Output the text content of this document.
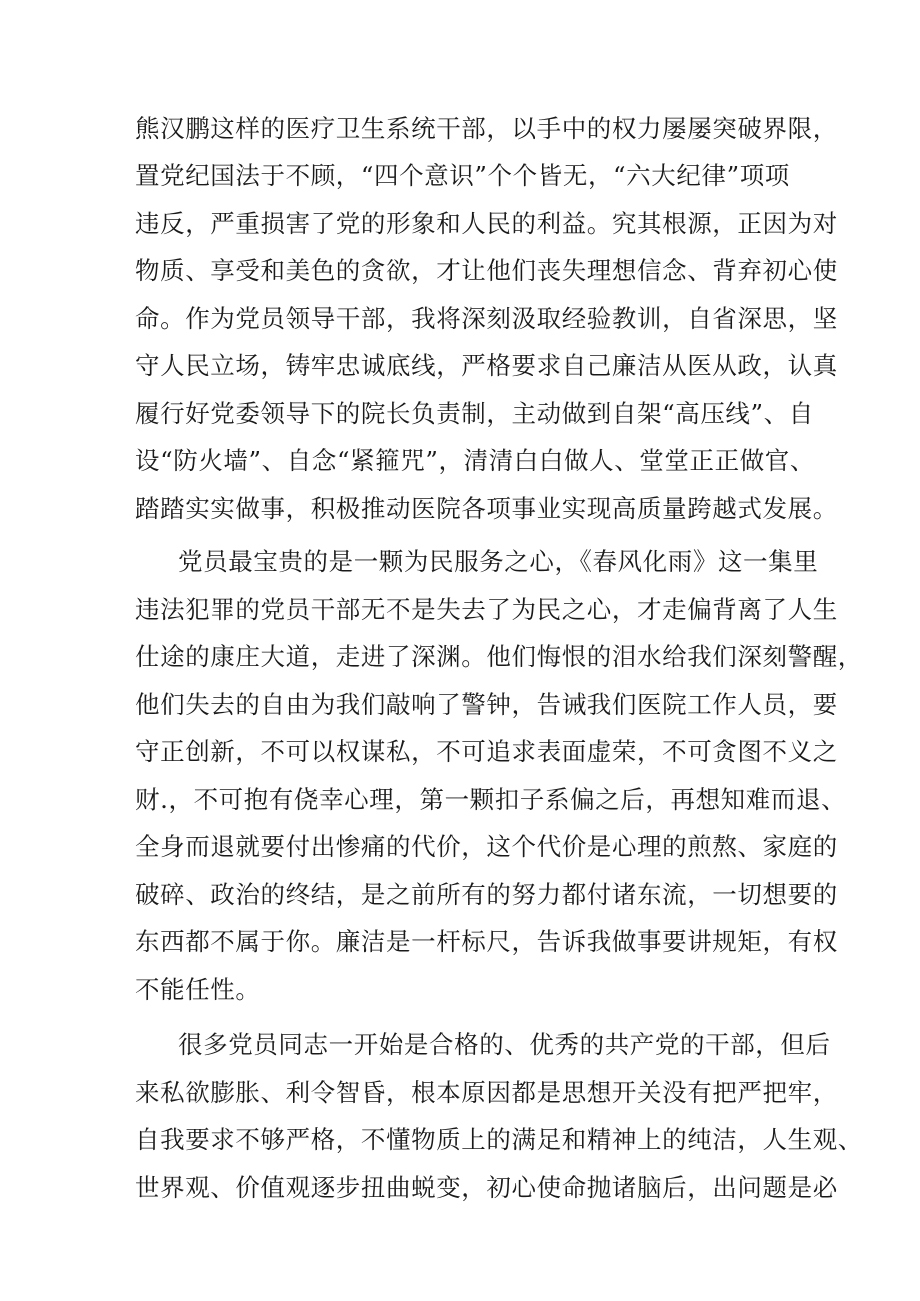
熊汉鹏这样的医疗卫生系统干部，以手中的权力屡屡突破界限，
置党纪国法于不顾，“四个意识”个个皆无，“六大纪律”项项
违反，严重损害了党的形象和人民的利益。究其根源，正因为对
物质、享受和美色的贪欲，才让他们丧失理想信念、背弃初心使
命。作为党员领导干部，我将深刻汲取经验教训，自省深思，坚
守人民立场，铸牢忠诚底线，严格要求自己廉洁从医从政，认真
履行好党委领导下的院长负责制，主动做到自架“高压线”、自
设“防火墙”、自念“紧箍咒”，清清白白做人、堂堂正正做官、
踏踏实实做事，积极推动医院各项事业实现高质量跨越式发展。
党员最宝贵的是一颗为民服务之心，《春风化雨》这一集里
违法犯罪的党员干部无不是失去了为民之心，才走偏背离了人生
仕途的康庄大道，走进了深渊。他们悔恨的泪水给我们深刻警醒，
他们失去的自由为我们敲响了警钟，告诫我们医院工作人员，要
守正创新，不可以权谋私，不可追求表面虚荣，不可贪图不义之
财.，不可抱有侥幸心理，第一颗扣子系偏之后，再想知难而退、
全身而退就要付出惨痛的代价，这个代价是心理的煎熬、家庭的
破碎、政治的终结，是之前所有的努力都付诸东流，一切想要的
东西都不属于你。廉洁是一杆标尺，告诉我做事要讲规矩，有权
不能任性。
很多党员同志一开始是合格的、优秀的共产党的干部，但后
来私欲膨胀、利令智昏，根本原因都是思想开关没有把严把牢，
自我要求不够严格，不懂物质上的满足和精神上的纯洁，人生观、
世界观、价值观逐步扭曲蜕变，初心使命抛诸脑后，出问题是必
